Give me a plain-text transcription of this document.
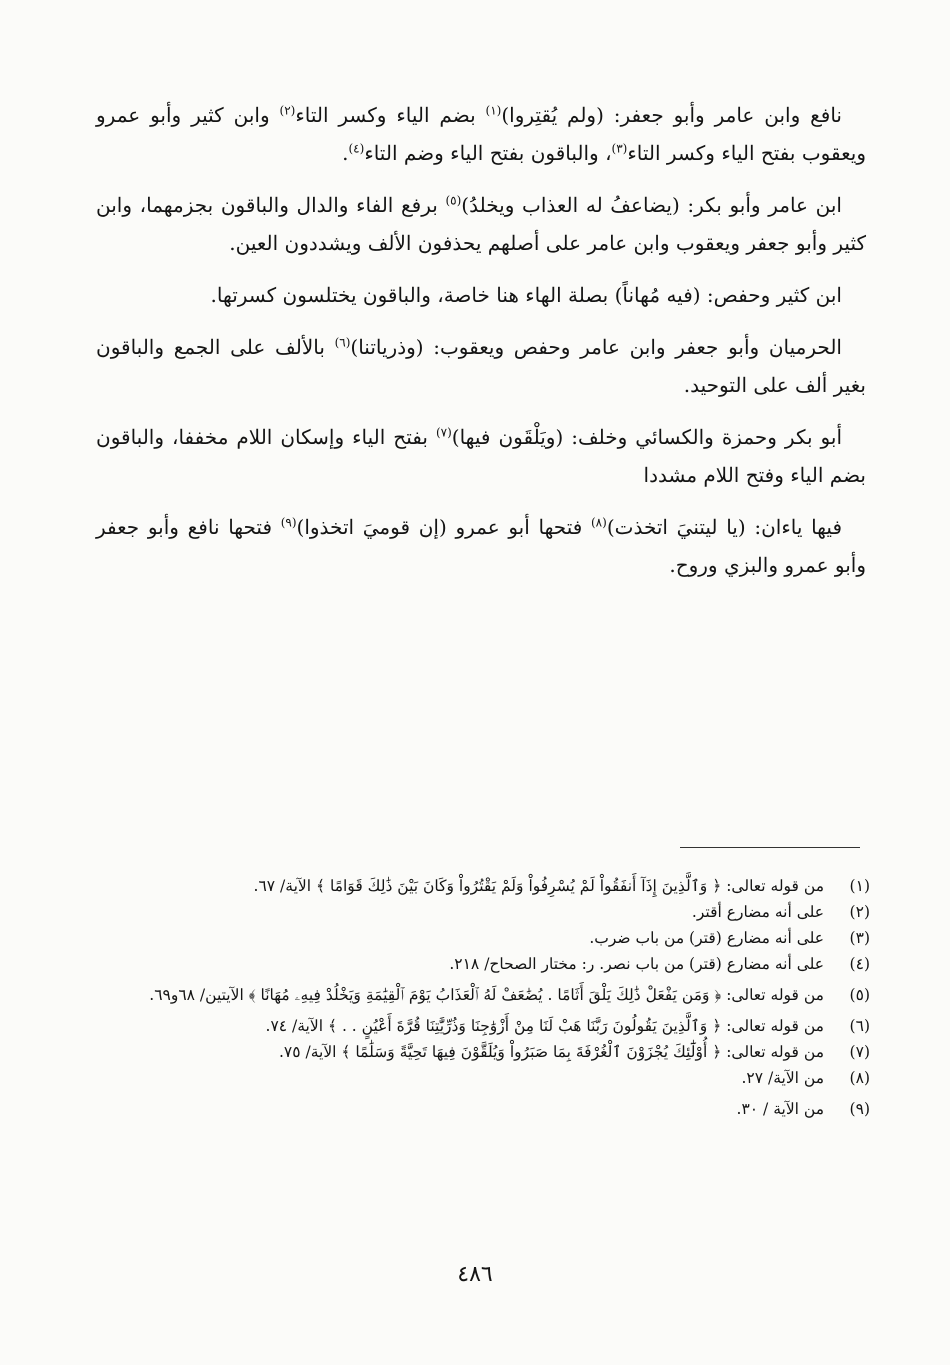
نافع وابن عامر وأبو جعفر: (ولم يُقتِروا)$^{(١)}$ بضم الياء وكسر التاء$^{(٢)}$ وابن كثير وأبو عمرو ويعقوب بفتح الياء وكسر التاء$^{(٣)}$، والباقون بفتح الياء وضم التاء$^{(٤)}$.

ابن عامر وأبو بكر: (يضاعفُ له العذاب ويخلدُ)$^{(٥)}$ برفع الفاء والدال والباقون بجزمهما، وابن كثير وأبو جعفر ويعقوب وابن عامر على أصلهم يحذفون الألف ويشددون العين.

ابن كثير وحفص: (فيه مُهاناً) بصلة الهاء هنا خاصة، والباقون يختلسون كسرتها.

الحرميان وأبو جعفر وابن عامر وحفص ويعقوب: (وذرياتنا)$^{(٦)}$ بالألف على الجمع والباقون بغير ألف على التوحيد.

أبو بكر وحمزة والكسائي وخلف: (ويَلْقَون فيها)$^{(٧)}$ بفتح الياء وإسكان اللام مخففا، والباقون بضم الياء وفتح اللام مشددا

فيها ياءان: (يا ليتنيَ اتخذت)$^{(٨)}$ فتحها أبو عمرو (إن قوميَ اتخذوا)$^{(٩)}$ فتحها نافع وأبو جعفر وأبو عمرو والبزي وروح.

(١)
من قوله تعالى: ﴿ وَٱلَّذِينَ إِذَآ أَنفَقُواْ لَمْ يُسْرِفُواْ وَلَمْ يَقْتُرُواْ وَكَانَ بَيْنَ ذَٰلِكَ قَوَامًا ﴾ الآية/ ٦٧.
(٢)
على أنه مضارع أقتر.
(٣)
على أنه مضارع (قتر) من باب ضرب.
(٤)
على أنه مضارع (قتر) من باب نصر. ر: مختار الصحاح/ ٢١٨.
(٥)
من قوله تعالى: ﴿ وَمَن يَفْعَلْ ذَٰلِكَ يَلْقَ أَثَامًا . يُضَٰعَفْ لَهُ ٱلْعَذَابُ يَوْمَ ٱلْقِيَٰمَةِ وَيَخْلُدْ فِيهِۦ مُهَانًا ﴾ الآيتين/ ٦٨و٦٩.
(٦)
من قوله تعالى: ﴿ وَٱلَّذِينَ يَقُولُونَ رَبَّنَا هَبْ لَنَا مِنْ أَزْوَٰجِنَا وَذُرِّيَّٰتِنَا قُرَّةَ أَعْيُنٍ . . ﴾ الآية/ ٧٤.
(٧)
من قوله تعالى: ﴿ أُوْلَٰٓئِكَ يُجْزَوْنَ ٱلْغُرْفَةَ بِمَا صَبَرُواْ وَيُلَقَّوْنَ فِيهَا تَحِيَّةً وَسَلَٰمًا ﴾ الآية/ ٧٥.
(٨)
من الآية/ ٢٧.
(٩)
من الآية / ٣٠.
٤٨٦
